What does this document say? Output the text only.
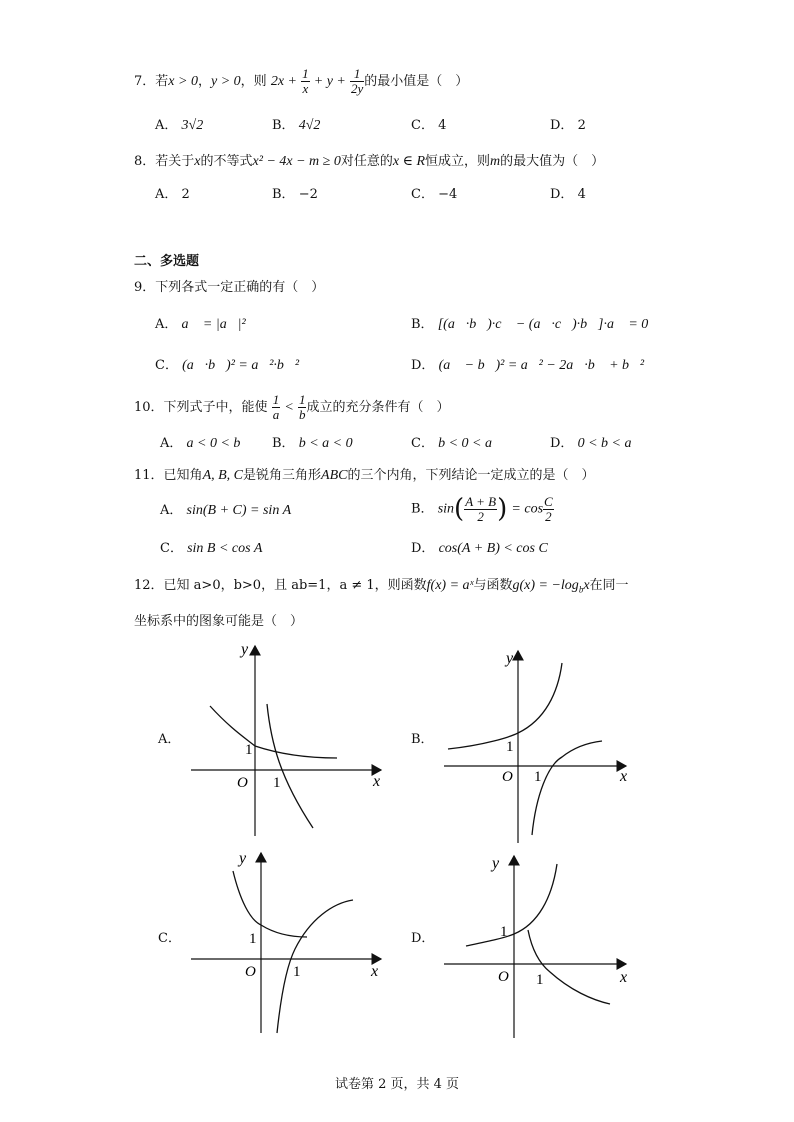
7．若x > 0，y > 0，则 $2x + \frac{1}{x} + y + \frac{1}{2y}$ 的最小值是（　）
A． 3√2	B． 4√2	C． 4	D． 2
8．若关于x的不等式x² − 4x − m ≥ 0对任意的x ∈ R恒成立，则m的最大值为（　）
A． 2	B． −2	C． −4	D． 4
二、多选题
9．下列各式一定正确的有（　）
A． a⃗ = |a⃗|²	B． [(a⃗·b⃗)·c⃗ − (a⃗·c⃗)·b⃗]·a⃗ = 0
C． (a⃗·b⃗)² = a⃗²·b⃗²	D． (a⃗ − b⃗)² = a⃗² − 2a⃗·b⃗ + b⃗²
10．下列式子中，能使 $\frac{1}{a} < \frac{1}{b}$ 成立的充分条件有（　）
A． a < 0 < b B． b < a < 0	C． b < 0 < a	D． 0 < b < a
11．已知角A, B, C是锐角三角形ABC的三个内角，下列结论一定成立的是（　）
A． sin(B + C) = sin A	B． $\sin( \frac{A + B}{2}$ ) = $\cos \frac{C}{2}$
C． sin B < cos A	D． cos(A + B) < cos C
12．已知 a>0，b>0，且 ab=1，a ≠ 1，则函数f(x) = aˣ与函数$g(x) = -\log_bx$在同一
坐标系中的图象可能是（　）
A．	B．
C．	D．
x
y
O
1
1	x
y
O
1
1
x
y
O
1
1	x
y
O
1
1
试卷第 2 页，共 4 页
